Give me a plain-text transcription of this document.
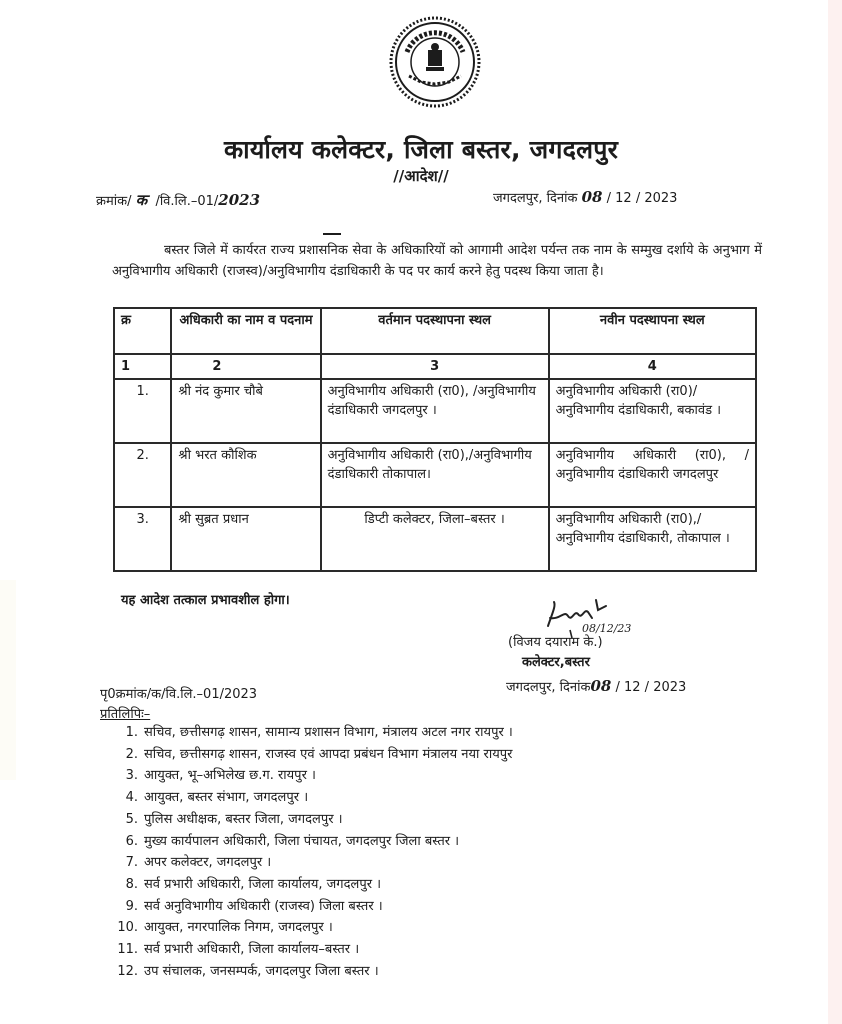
कार्यालय कलेक्टर, जिला बस्तर, जगदलपुर
//आदेश//
क्रमांक/ क /वि.लि.–01/2023	जगदलपुर, दिनांक 08 / 12 / 2023
बस्तर जिले में कार्यरत राज्य प्रशासनिक सेवा के अधिकारियों को आगामी आदेश पर्यन्त तक नाम के सम्मुख दर्शाये के अनुभाग में अनुविभागीय अधिकारी (राजस्व)/अनुविभागीय दंडाधिकारी के पद पर कार्य करने हेतु पदस्थ किया जाता है।
क्र	अधिकारी का नाम व पदनाम	वर्तमान पदस्थापना स्थल	नवीन पदस्थापना स्थल
1	2	3	4
1.	श्री नंद कुमार चौबे	अनुविभागीय अधिकारी (रा0), /अनुविभागीय दंडाधिकारी जगदलपुर ।	अनुविभागीय अधिकारी (रा0)/अनुविभागीय दंडाधिकारी, बकावंड ।
2.	श्री भरत कौशिक	अनुविभागीय अधिकारी (रा0),/अनुविभागीय दंडाधिकारी तोकापाल।	अनुविभागीय अधिकारी (रा0), /अनुविभागीय दंडाधिकारी जगदलपुर
3.	श्री सुब्रत प्रधान	डिप्टी कलेक्टर, जिला–बस्तर ।	अनुविभागीय अधिकारी (रा0),/अनुविभागीय दंडाधिकारी, तोकापाल ।
यह आदेश तत्काल प्रभावशील होगा।
08/12/23
(विजय दयाराम के.)
कलेक्टर,बस्तर
जगदलपुर, दिनांक08 / 12 / 2023
पृ0क्रमांक/क/वि.लि.–01/2023
प्रतिलिपिः–
1. सचिव, छत्तीसगढ़ शासन, सामान्य प्रशासन विभाग, मंत्रालय अटल नगर रायपुर ।
2. सचिव, छत्तीसगढ़ शासन, राजस्व एवं आपदा प्रबंधन विभाग मंत्रालय नया रायपुर
3. आयुक्त, भू–अभिलेख छ.ग. रायपुर ।
4. आयुक्त, बस्तर संभाग, जगदलपुर ।
5. पुलिस अधीक्षक, बस्तर जिला, जगदलपुर ।
6. मुख्य कार्यपालन अधिकारी, जिला पंचायत, जगदलपुर जिला बस्तर ।
7. अपर कलेक्टर, जगदलपुर ।
8. सर्व प्रभारी अधिकारी, जिला कार्यालय, जगदलपुर ।
9. सर्व अनुविभागीय अधिकारी (राजस्व) जिला बस्तर ।
10. आयुक्त, नगरपालिक निगम, जगदलपुर ।
11. सर्व प्रभारी अधिकारी, जिला कार्यालय–बस्तर ।
12. उप संचालक, जनसम्पर्क, जगदलपुर जिला बस्तर ।
